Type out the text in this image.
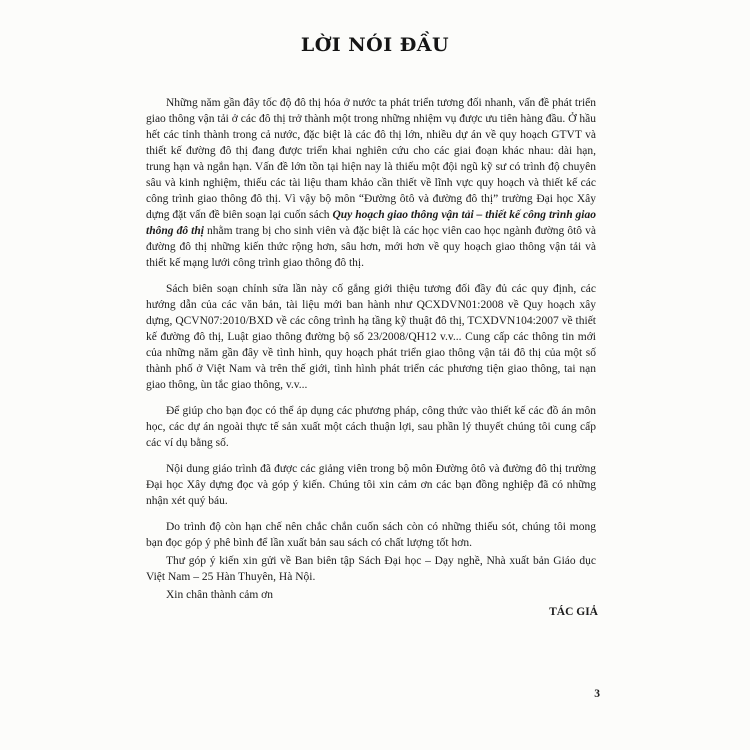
LỜI NÓI ĐẦU

Những năm gần đây tốc độ đô thị hóa ở nước ta phát triển tương đối nhanh, vấn đề phát triển giao thông vận tải ở các đô thị trở thành một trong những nhiệm vụ được ưu tiên hàng đầu. Ở hầu hết các tỉnh thành trong cả nước, đặc biệt là các đô thị lớn, nhiều dự án về quy hoạch GTVT và thiết kế đường đô thị đang được triển khai nghiên cứu cho các giai đoạn khác nhau: dài hạn, trung hạn và ngắn hạn. Vấn đề lớn tồn tại hiện nay là thiếu một đội ngũ kỹ sư có trình độ chuyên sâu và kinh nghiệm, thiếu các tài liệu tham khảo cần thiết về lĩnh vực quy hoạch và thiết kế các công trình giao thông đô thị. Vì vậy bộ môn “Đường ôtô và đường đô thị” trường Đại học Xây dựng đặt vấn đề biên soạn lại cuốn sách Quy hoạch giao thông vận tải – thiết kế công trình giao thông đô thị nhằm trang bị cho sinh viên và đặc biệt là các học viên cao học ngành đường ôtô và đường đô thị những kiến thức rộng hơn, sâu hơn, mới hơn về quy hoạch giao thông vận tải và thiết kế mạng lưới công trình giao thông đô thị.

Sách biên soạn chỉnh sửa lần này cố gắng giới thiệu tương đối đầy đủ các quy định, các hướng dẫn của các văn bản, tài liệu mới ban hành như QCXDVN01:2008 về Quy hoạch xây dựng, QCVN07:2010/BXD về các công trình hạ tầng kỹ thuật đô thị, TCXDVN104:2007 về thiết kế đường đô thị, Luật giao thông đường bộ số 23/2008/QH12 v.v... Cung cấp các thông tin mới của những năm gần đây về tình hình, quy hoạch phát triển giao thông vận tải đô thị của một số thành phố ở Việt Nam và trên thế giới, tình hình phát triển các phương tiện giao thông, tai nạn giao thông, ùn tắc giao thông, v.v...

Để giúp cho bạn đọc có thể áp dụng các phương pháp, công thức vào thiết kế các đồ án môn học, các dự án ngoài thực tế sản xuất một cách thuận lợi, sau phần lý thuyết chúng tôi cung cấp các ví dụ bằng số.

Nội dung giáo trình đã được các giảng viên trong bộ môn Đường ôtô và đường đô thị trường Đại học Xây dựng đọc và góp ý kiến. Chúng tôi xin cảm ơn các bạn đồng nghiệp đã có những nhận xét quý báu.

Do trình độ còn hạn chế nên chắc chắn cuốn sách còn có những thiếu sót, chúng tôi mong bạn đọc góp ý phê bình để lần xuất bản sau sách có chất lượng tốt hơn.

Thư góp ý kiến xin gửi về Ban biên tập Sách Đại học – Dạy nghề, Nhà xuất bản Giáo dục Việt Nam – 25 Hàn Thuyên, Hà Nội.

Xin chân thành cảm ơn

TÁC GIẢ
3
